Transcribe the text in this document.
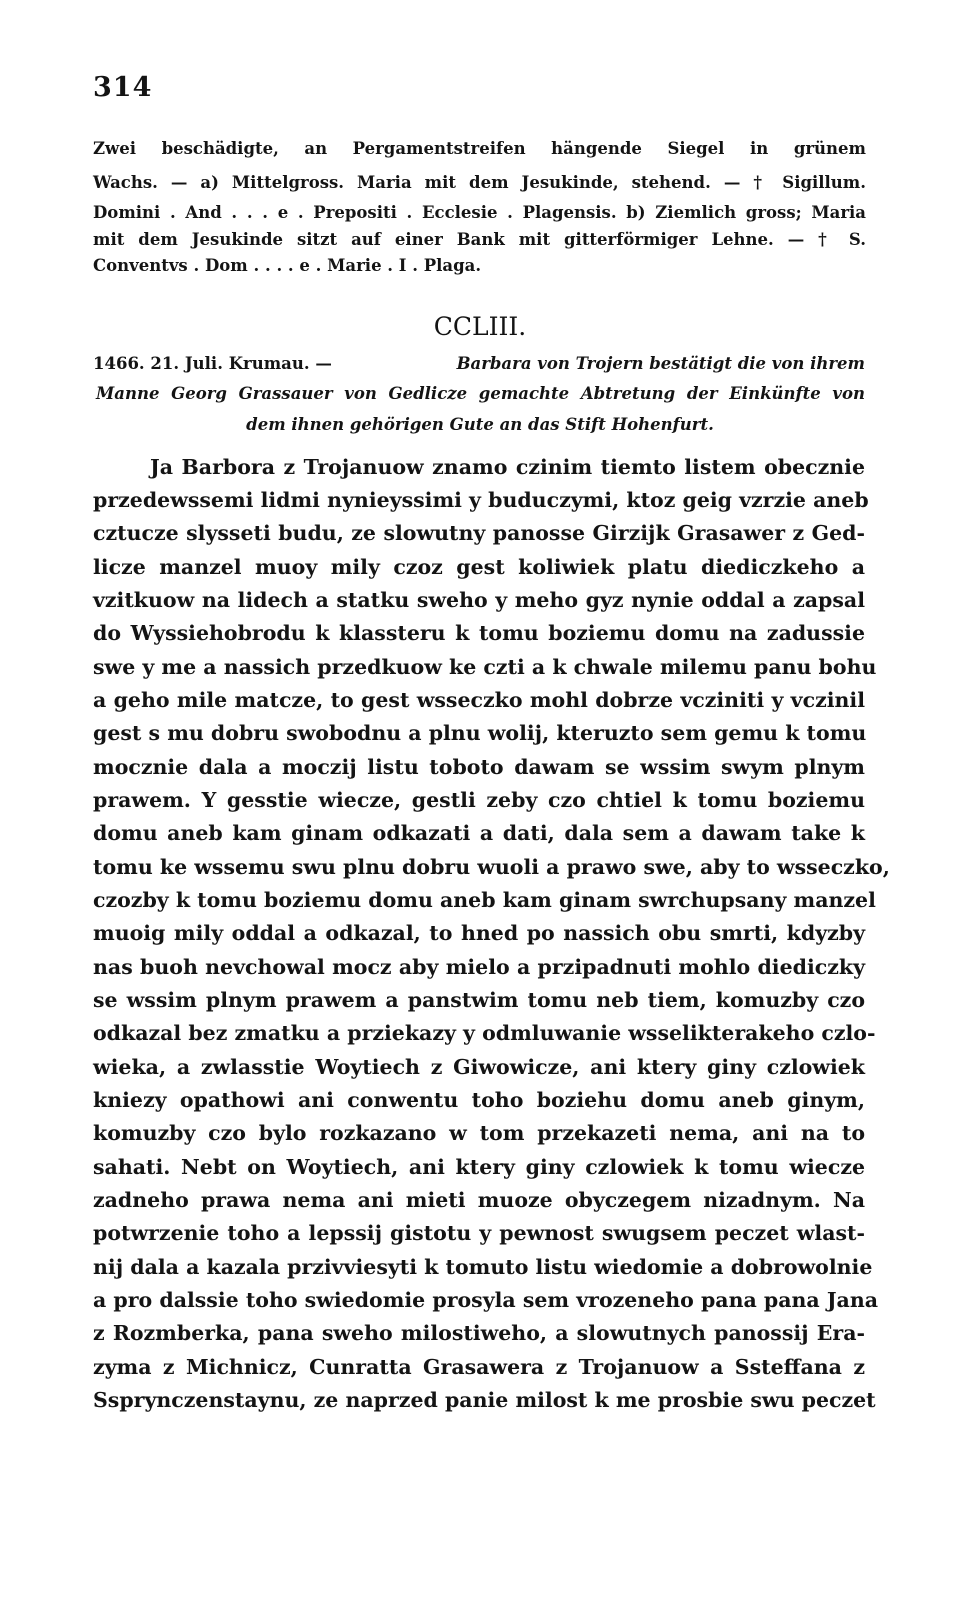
314
Zwei beschädigte, an Pergamentstreifen hängende Siegel in grünem
Wachs. — a) Mittelgross. Maria mit dem Jesukinde, stehend. — † Sigillum.
Domini . And . . . e . Prepositi . Ecclesie . Plagensis. b) Ziemlich gross; Maria
mit dem Jesukinde sitzt auf einer Bank mit gitterförmiger Lehne. — † S.
Conventvs . Dom . . . . e . Marie . I . Plaga.
CCLIII.
1466. 21. Juli. Krumau. —	Barbara von Trojern bestätigt die von ihrem
Manne Georg Grassauer von Gedlicze gemachte Abtretung der Einkünfte von
dem ihnen gehörigen Gute an das Stift Hohenfurt.
Ja Barbora z Trojanuow znamo czinim tiemto listem obecznie
przedewssemi lidmi nynieyssimi y buduczymi, ktoz geig vzrzie aneb
cztucze slysseti budu, ze slowutny panosse Girzijk Grasawer z Ged-
licze manzel muoy mily czoz gest koliwiek platu diediczkeho a
vzitkuow na lidech a statku sweho y meho gyz nynie oddal a zapsal
do Wyssiehobrodu k klassteru k tomu boziemu domu na zadussie
swe y me a nassich przedkuow ke czti a k chwale milemu panu bohu
a geho mile matcze, to gest wsseczko mohl dobrze vcziniti y vczinil
gest s mu dobru swobodnu a plnu wolij, kteruzto sem gemu k tomu
mocznie dala a moczij listu toboto dawam se wssim swym plnym
prawem. Y gesstie wiecze, gestli zeby czo chtiel k tomu boziemu
domu aneb kam ginam odkazati a dati, dala sem a dawam take k
tomu ke wssemu swu plnu dobru wuoli a prawo swe, aby to wsseczko,
czozby k tomu boziemu domu aneb kam ginam swrchupsany manzel
muoig mily oddal a odkazal, to hned po nassich obu smrti, kdyzby
nas buoh nevchowal mocz aby mielo a przipadnuti mohlo diediczky
se wssim plnym prawem a panstwim tomu neb tiem, komuzby czo
odkazal bez zmatku a prziekazy y odmluwanie wsselikterakeho czlo-
wieka, a zwlasstie Woytiech z Giwowicze, ani ktery giny czlowiek
kniezy opathowi ani conwentu toho boziehu domu aneb ginym,
komuzby czo bylo rozkazano w tom przekazeti nema, ani na to
sahati. Nebt on Woytiech, ani ktery giny czlowiek k tomu wiecze
zadneho prawa nema ani mieti muoze obyczegem nizadnym. Na
potwrzenie toho a lepssij gistotu y pewnost swugsem peczet wlast-
nij dala a kazala przivviesyti k tomuto listu wiedomie a dobrowolnie
a pro dalssie toho swiedomie prosyla sem vrozeneho pana pana Jana
z Rozmberka, pana sweho milostiweho, a slowutnych panossij Era-
zyma z Michnicz, Cunratta Grasawera z Trojanuow a Ssteffana z
Ssprynczenstaynu, ze naprzed panie milost k me prosbie swu peczet
